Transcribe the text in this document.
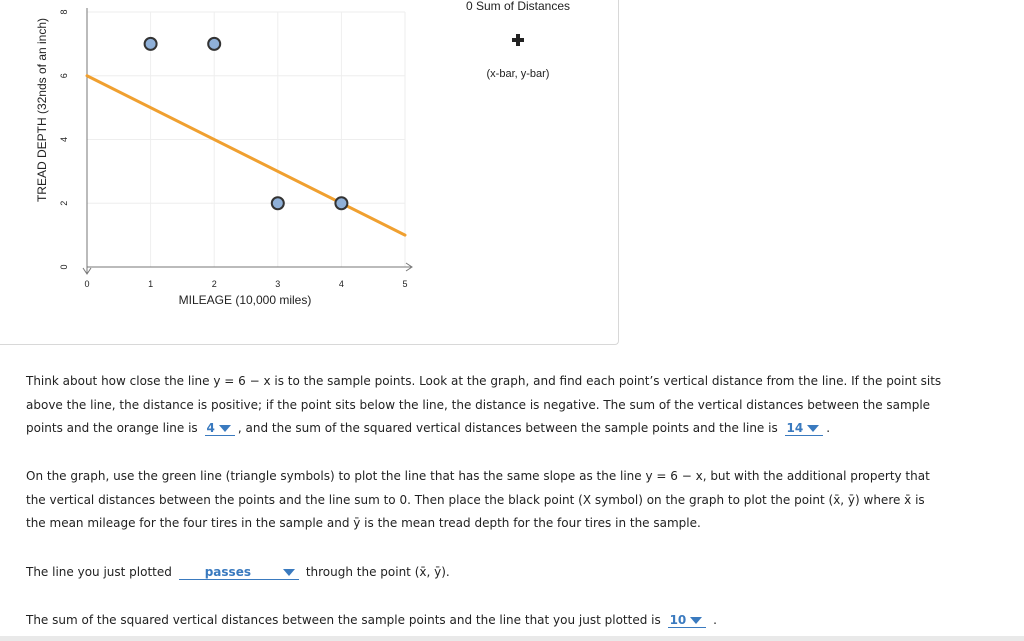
0	1	2	3	4	5
0
2
4
6
8
TREAD DEPTH (32nds of an inch)
MILEAGE (10,000 miles)
0 Sum of Distances
(x-bar, y-bar)

Think about how close the line y = 6 − x is to the sample points. Look at the graph, and find each point’s vertical distance from the line. If the point sits above the line, the distance is positive; if the point sits below the line, the distance is negative. The sum of the vertical distances between the sample points and the orange line is 4 , and the sum of the squared vertical distances between the sample points and the line is 14 .

On the graph, use the green line (triangle symbols) to plot the line that has the same slope as the line y = 6 − x, but with the additional property that the vertical distances between the points and the line sum to 0. Then place the black point (X symbol) on the graph to plot the point (x̄, ȳ) where x̄ is the mean mileage for the four tires in the sample and ȳ is the mean tread depth for the four tires in the sample.

The line you just plotted	passes	through the point (x̄, ȳ).

The sum of the squared vertical distances between the sample points and the line that you just plotted is 10 .
